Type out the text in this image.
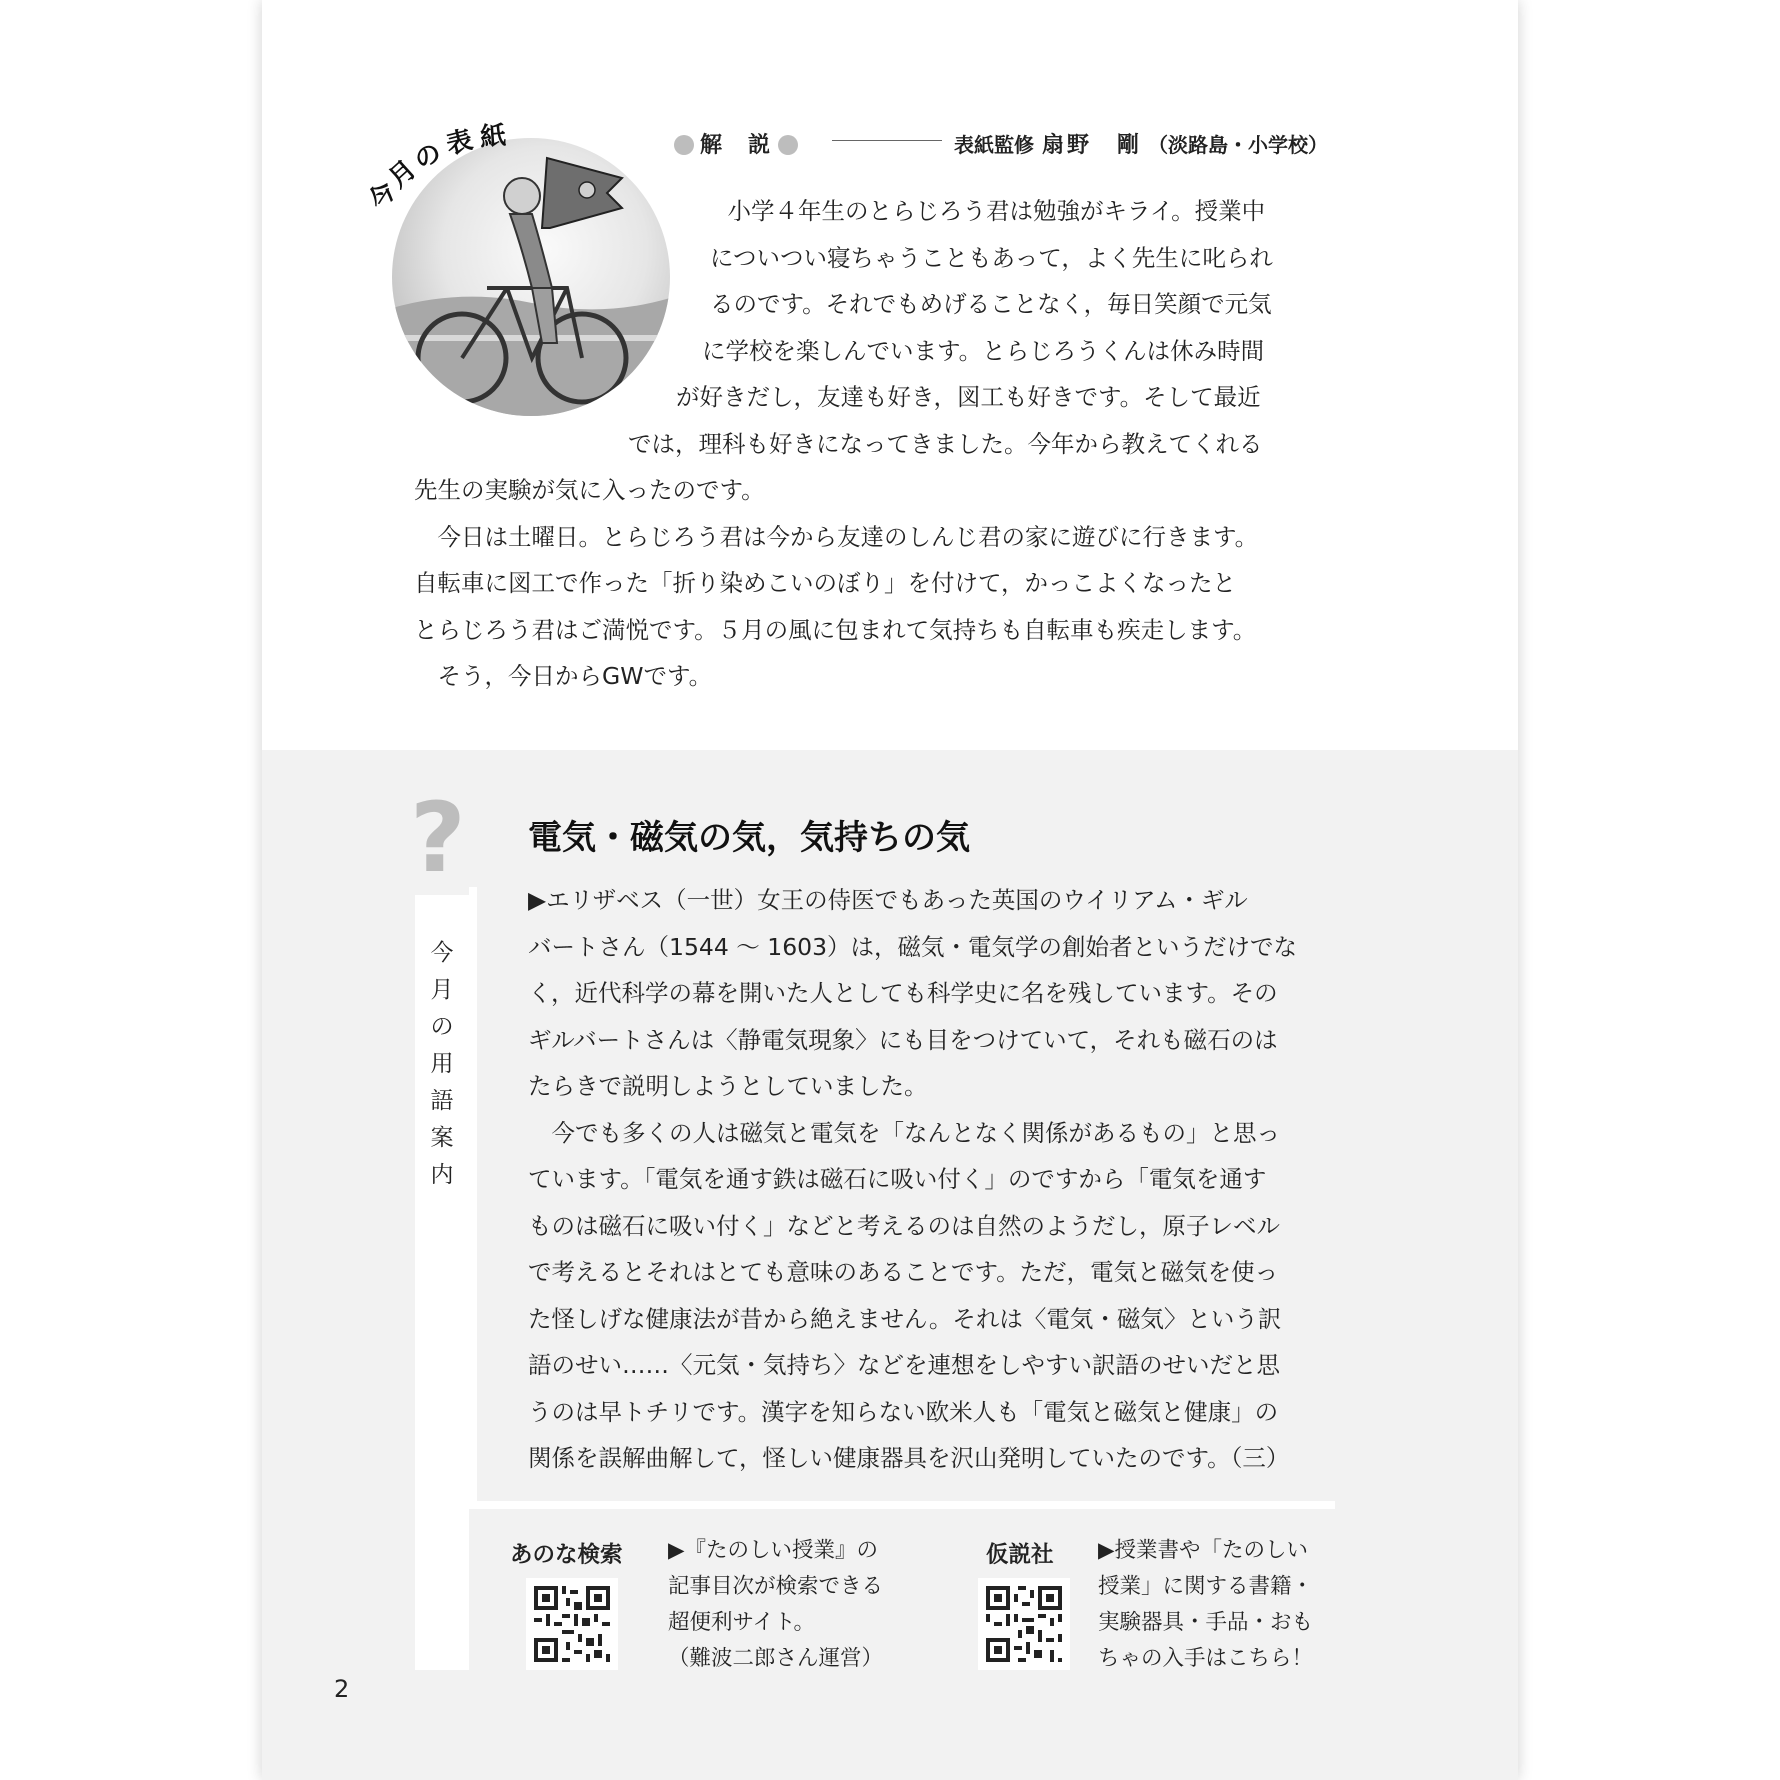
今
月
の
表 紙	解　説	表紙監修 扇野　剛 （淡路島・小学校）
　小学４年生のとらじろう君は勉強がキライ。授業中
についつい寝ちゃうこともあって，よく先生に叱られ
るのです。それでもめげることなく，毎日笑顔で元気
に学校を楽しんでいます。とらじろうくんは休み時間
が好きだし，友達も好き，図工も好きです。そして最近
では，理科も好きになってきました。今年から教えてくれる
先生の実験が気に入ったのです。
　今日は土曜日。とらじろう君は今から友達のしんじ君の家に遊びに行きます。
自転車に図工で作った「折り染めこいのぼり」を付けて，かっこよくなったと
とらじろう君はご満悦です。５月の風に包まれて気持ちも自転車も疾走します。
　そう，今日からGWです。
?
今
月
の
用
語
案
内
電気・磁気の気，気持ちの気
▶エリザベス（一世）女王の侍医でもあった英国のウイリアム・ギル
バートさん（1544 ～ 1603）は，磁気・電気学の創始者というだけでな
く，近代科学の幕を開いた人としても科学史に名を残しています。その
ギルバートさんは〈静電気現象〉にも目をつけていて，それも磁石のは
たらきで説明しようとしていました。
　今でも多くの人は磁気と電気を「なんとなく関係があるもの」と思っ
ています。「電気を通す鉄は磁石に吸い付く」のですから「電気を通す
ものは磁石に吸い付く」などと考えるのは自然のようだし，原子レベル
で考えるとそれはとても意味のあることです。ただ，電気と磁気を使っ
た怪しげな健康法が昔から絶えません。それは〈電気・磁気〉という訳
語のせい……〈元気・気持ち〉などを連想をしやすい訳語のせいだと思
うのは早トチリです。漢字を知らない欧米人も「電気と磁気と健康」の
関係を誤解曲解して，怪しい健康器具を沢山発明していたのです。（三）
あのな検索 ▶『たのしい授業』の
記事目次が検索できる
超便利サイト。
（難波二郎さん運営）
仮説社 ▶授業書や「たのしい
授業」に関する書籍・
実験器具・手品・おも
ちゃの入手はこちら！
2
